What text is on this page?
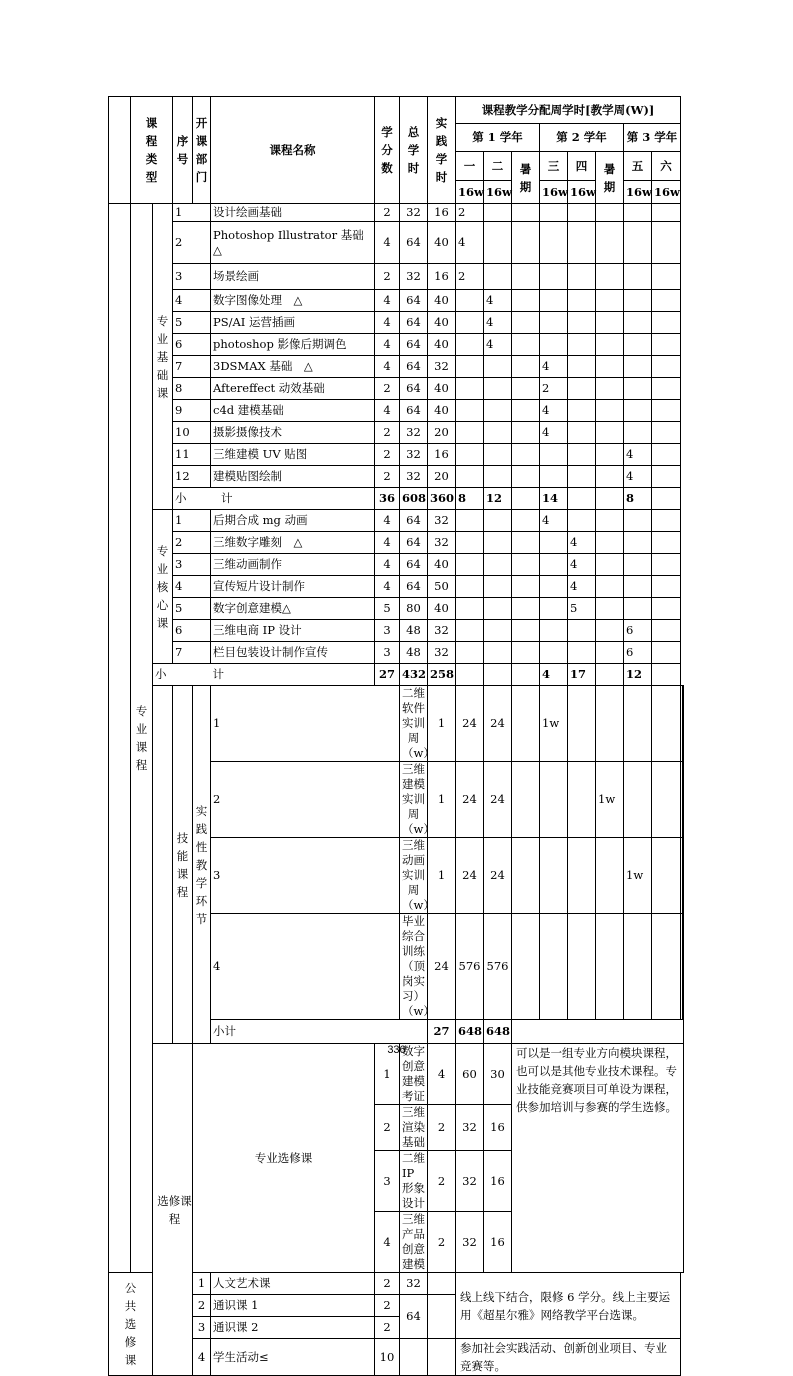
	课程类型		序号	开课部门	课程名称	学分数	总学时	实践学时	课程教学分配周学时[教学周(W)]									
									第 1 学年			第 2 学年			第 3 学年			
									一	二	暑期	三	四	暑期	五	六		
									16w	16w		16w	16w		16w	16w		
	专业课程	专业基础课	1		设计绘画基础	2	32	16	2									
			2		Photoshop Illustrator 基础　△	4	64	40	4									
			3		场景绘画	2	32	16	2									
			4		数字图像处理　△	4	64	40		4								
			5		PS/AI 运营插画	4	64	40		4								
			6		photoshop 影像后期调色	4	64	40		4								
			7		3DSMAX 基础　△	4	64	32				4						
			8		Aftereffect 动效基础	2	64	40				2						
			9		c4d 建模基础	4	64	40				4						
			10		摄影摄像技术	2	32	20				4						
			11		三维建模 UV 贴图	2	32	16							4			
			12		建模贴图绘制	2	32	20							4			
			小　　　计			36	608	360	8	12		14			8			
		专业核心课	1		后期合成 mg 动画	4	64	32				4						
			2		三维数字雕刻　△	4	64	32					4					
			3		三维动画制作	4	64	40					4					
			4		宣传短片设计制作	4	64	50					4					
			5		数字创意建模△	5	80	40					5					
			6		三维电商 IP 设计	3	48	32							6			
			7		栏目包装设计制作宣传	3	48	32							6			
		小　　　　计				27	432	258				4	17		12			
			技能课程	实践性教学环节	1		二维软件实训周（w）	1	24	24		1w						
					2		三维建模实训周（w）	1	24	24				1w				
					3		三维动画实训周（w）	1	24	24					1w			
					4		毕业综合训练（顶岗实习）（w）	24	576	576								
					小计			27	648	648								
		选修课程		专业选修课		1	数字创意建模考证	4	60	30	可以是一组专业方向模块课程，也可以是其他专业技术课程。专业技能竞赛项目可单设为课程，供参加培训与参赛的学生选修。							
						2	三维渲染基础	2	32	16								
						3	二维 IP 形象设计	2	32	16								
						4	三维产品创意建模	2	32	16								
公共选修课				1	人文艺术课	2	32		线上线下结合，限修 6 学分。线上主要运用《超星尔雅》网络教学平台选课。									
				2	通识课 1	2	64											
				3	通识课 2	2												
				4	学生活动≤	10			参加社会实践活动、创新创业项目、专业竞赛等。									
336
